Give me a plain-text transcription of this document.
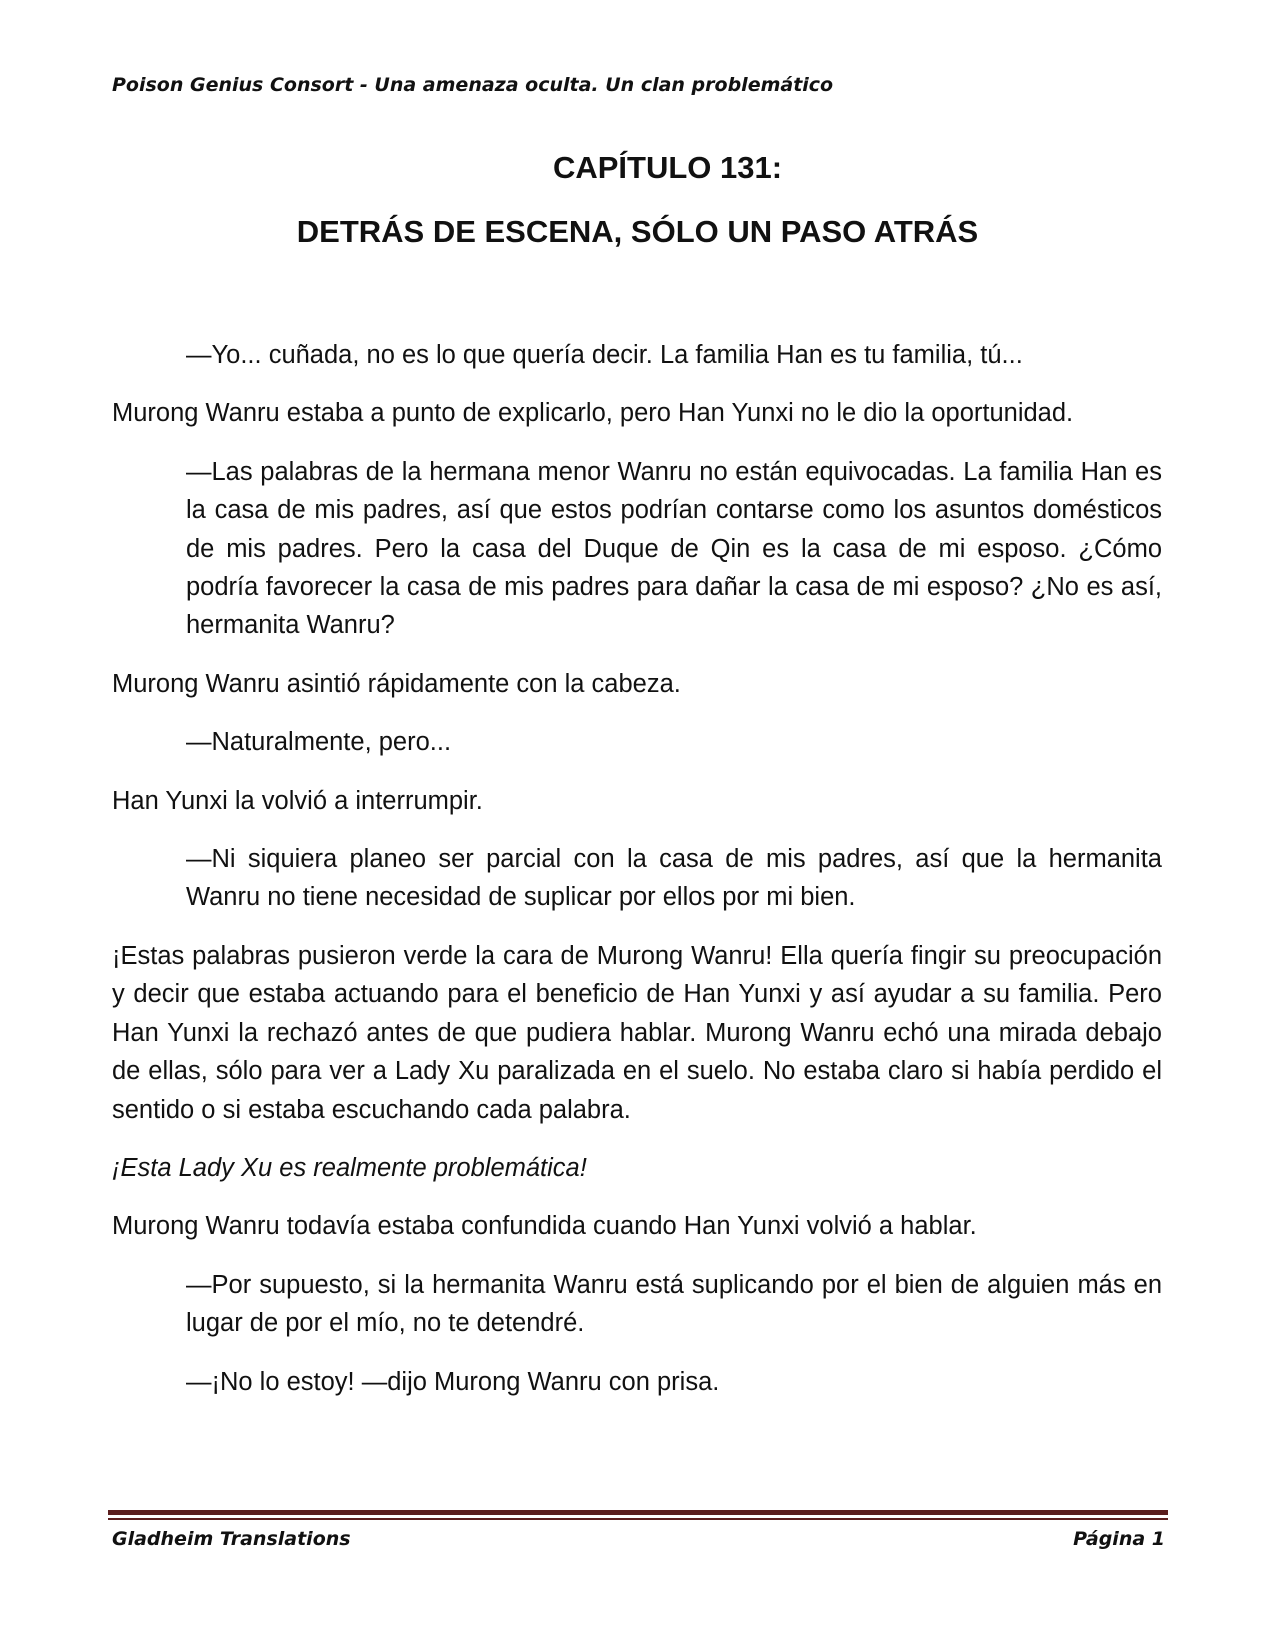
Poison Genius Consort - Una amenaza oculta. Un clan problemático
CAPÍTULO 131:
DETRÁS DE ESCENA, SÓLO UN PASO ATRÁS

—Yo... cuñada, no es lo que quería decir. La familia Han es tu familia, tú...

Murong Wanru estaba a punto de explicarlo, pero Han Yunxi no le dio la oportunidad.

—Las palabras de la hermana menor Wanru no están equivocadas. La familia Han es la casa de mis padres, así que estos podrían contarse como los asuntos domésticos de mis padres. Pero la casa del Duque de Qin es la casa de mi esposo. ¿Cómo podría favorecer la casa de mis padres para dañar la casa de mi esposo? ¿No es así, hermanita Wanru?

Murong Wanru asintió rápidamente con la cabeza.

—Naturalmente, pero...

Han Yunxi la volvió a interrumpir.

—Ni siquiera planeo ser parcial con la casa de mis padres, así que la hermanita Wanru no tiene necesidad de suplicar por ellos por mi bien.

¡Estas palabras pusieron verde la cara de Murong Wanru! Ella quería fingir su preocupación y decir que estaba actuando para el beneficio de Han Yunxi y así ayudar a su familia. Pero Han Yunxi la rechazó antes de que pudiera hablar. Murong Wanru echó una mirada debajo de ellas, sólo para ver a Lady Xu paralizada en el suelo. No estaba claro si había perdido el sentido o si estaba escuchando cada palabra.

¡Esta Lady Xu es realmente problemática!

Murong Wanru todavía estaba confundida cuando Han Yunxi volvió a hablar.

—Por supuesto, si la hermanita Wanru está suplicando por el bien de alguien más en lugar de por el mío, no te detendré.

—¡No lo estoy! —dijo Murong Wanru con prisa.

Gladheim Translations	Página 1
